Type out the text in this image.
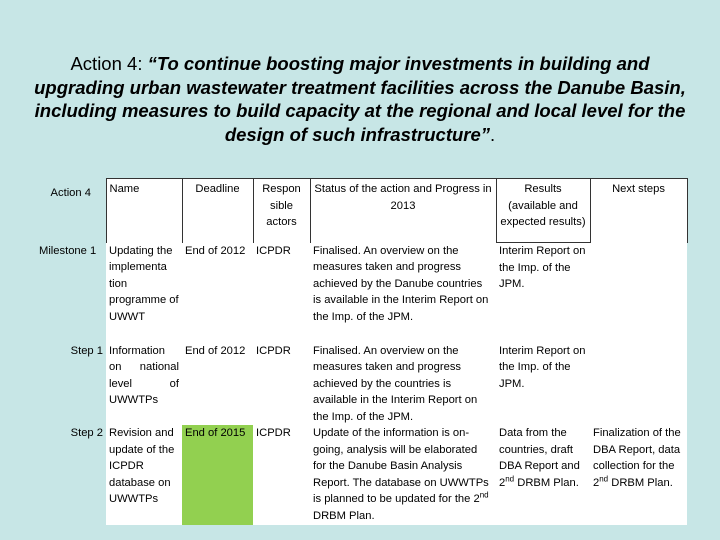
Action 4: “To continue boosting major investments in building and upgrading urban wastewater treatment facilities across the Danube Basin, including measures to build capacity at the regional and local level for the design of such infrastructure”.
Action 4	Name	Deadline	Respon sible actors	Status of the action and Progress in 2013	Results (available and expected results)	Next steps
Milestone 1	Updating the implementa tion programme of UWWT	End of 2012	ICPDR	Finalised. An overview on the measures taken and progress achieved by the Danube countries is available in the Interim Report on the Imp. of the JPM.	Interim Report on the Imp. of the JPM.	
Step 1	Information on national level of UWWTPs	End of 2012	ICPDR	Finalised. An overview on the measures taken and progress achieved by the countries is available in the Interim Report on the Imp. of the JPM.	Interim Report on the Imp. of the JPM.	
Step 2	Revision and update of the ICPDR database on UWWTPs	End of 2015	ICPDR	Update of the information is on-going, analysis will be elaborated for the Danube Basin Analysis Report. The database on UWWTPs is planned to be updated for the 2nd DRBM Plan.	Data from the countries, draft DBA Report and 2nd DRBM Plan.	Finalization of the DBA Report, data collection for the 2nd DRBM Plan.
